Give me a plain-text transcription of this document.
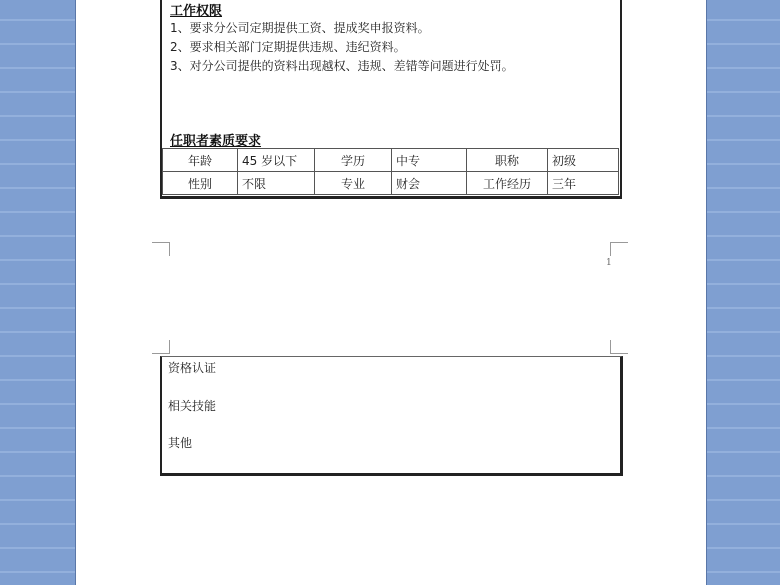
工作权限
1、要求分公司定期提供工资、提成奖申报资料。
2、要求相关部门定期提供违规、违纪资料。
3、对分公司提供的资料出现越权、违规、差错等问题进行处罚。
任职者素质要求
年龄	45 岁以下	学历	中专	职称	初级
性别	不限	专业	财会	工作经历	三年
1
资格认证
相关技能
其他
